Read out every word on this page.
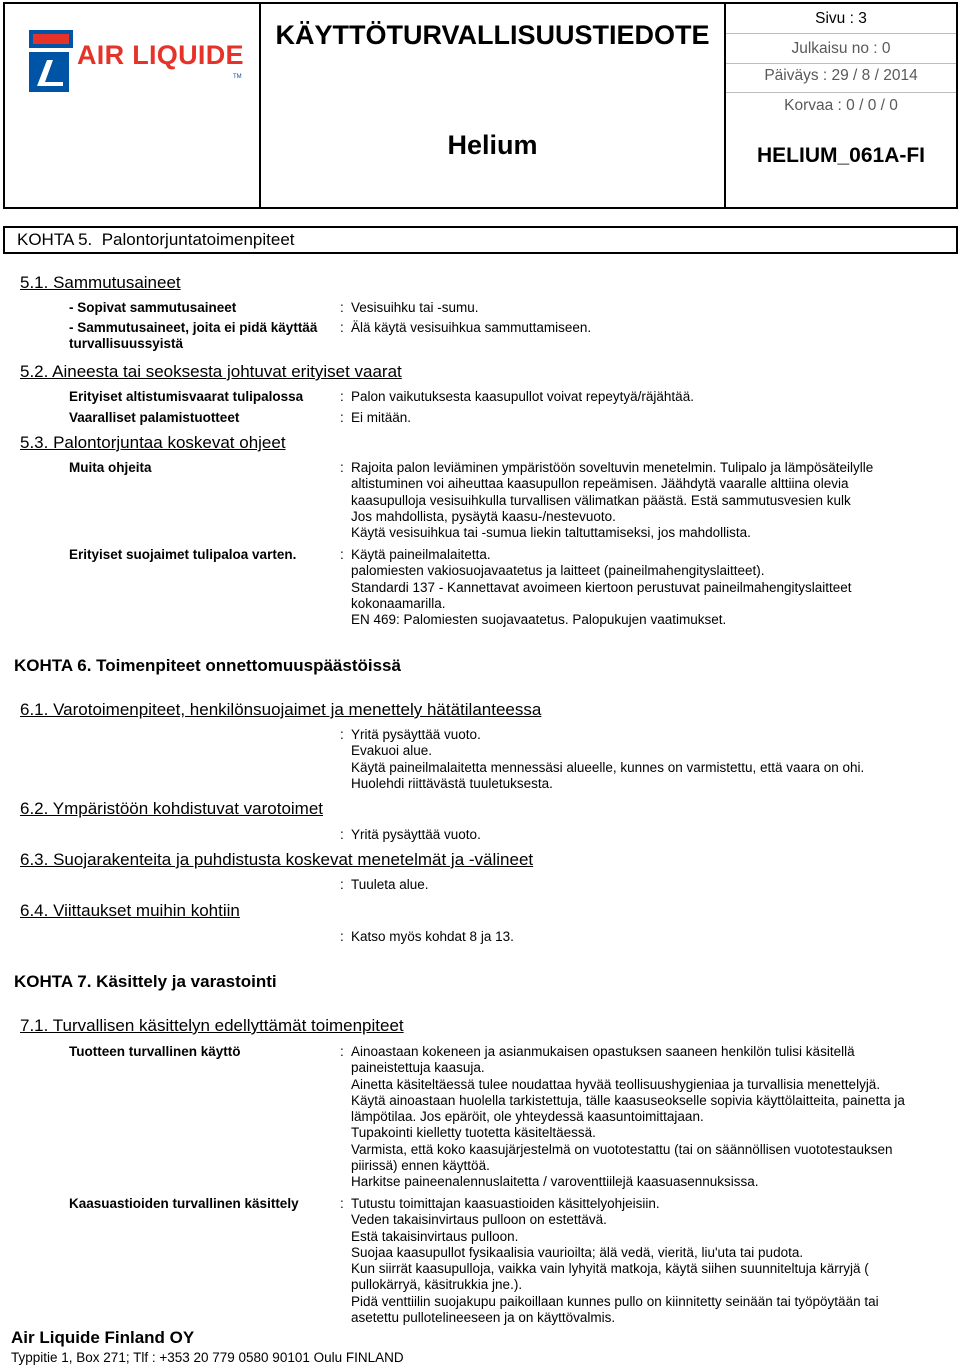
AIR LIQUIDE
TM
KÄYTTÖTURVALLISUUSTIEDOTE
Helium
Sivu : 3
Julkaisu no : 0
Päiväys : 29 / 8 / 2014
Korvaa : 0 / 0 / 0
HELIUM_061A-FI
KOHTA 5. Palontorjuntatoimenpiteet
5.1. Sammutusaineet
- Sopivat sammutusaineet	: Vesisuihku tai -sumu.
- Sammutusaineet, joita ei pidä käyttää
turvallisuussyistä
: Älä käytä vesisuihkua sammuttamiseen.
5.2. Aineesta tai seoksesta johtuvat erityiset vaarat
Erityiset altistumisvaarat tulipalossa	: Palon vaikutuksesta kaasupullot voivat repeytyä/räjähtää.
Vaaralliset palamistuotteet	: Ei mitään.
5.3. Palontorjuntaa koskevat ohjeet
Muita ohjeita	: Rajoita palon leviäminen ympäristöön soveltuvin menetelmin. Tulipalo ja lämpösäteilylle
altistuminen voi aiheuttaa kaasupullon repeämisen. Jäähdytä vaaralle alttiina olevia
kaasupulloja vesisuihkulla turvallisen välimatkan päästä. Estä sammutusvesien kulk
Jos mahdollista, pysäytä kaasu-/nestevuoto.
Käytä vesisuihkua tai -sumua liekin taltuttamiseksi, jos mahdollista.
Erityiset suojaimet tulipaloa varten.	: Käytä paineilmalaitetta.
palomiesten vakiosuojavaatetus ja laitteet (paineilmahengityslaitteet).
Standardi 137 - Kannettavat avoimeen kiertoon perustuvat paineilmahengityslaitteet
kokonaamarilla.
EN 469: Palomiesten suojavaatetus. Palopukujen vaatimukset.
KOHTA 6. Toimenpiteet onnettomuuspäästöissä
6.1. Varotoimenpiteet, henkilönsuojaimet ja menettely hätätilanteessa
: Yritä pysäyttää vuoto.
Evakuoi alue.
Käytä paineilmalaitetta mennessäsi alueelle, kunnes on varmistettu, että vaara on ohi.
Huolehdi riittävästä tuuletuksesta.
6.2. Ympäristöön kohdistuvat varotoimet
: Yritä pysäyttää vuoto.
6.3. Suojarakenteita ja puhdistusta koskevat menetelmät ja -välineet
: Tuuleta alue.
6.4. Viittaukset muihin kohtiin
: Katso myös kohdat 8 ja 13.
KOHTA 7. Käsittely ja varastointi
7.1. Turvallisen käsittelyn edellyttämät toimenpiteet
Tuotteen turvallinen käyttö	: Ainoastaan kokeneen ja asianmukaisen opastuksen saaneen henkilön tulisi käsitellä
paineistettuja kaasuja.
Ainetta käsiteltäessä tulee noudattaa hyvää teollisuushygieniaa ja turvallisia menettelyjä.
Käytä ainoastaan huolella tarkistettuja, tälle kaasuseokselle sopivia käyttölaitteita, painetta ja
lämpötilaa. Jos epäröit, ole yhteydessä kaasuntoimittajaan.
Tupakointi kielletty tuotetta käsiteltäessä.
Varmista, että koko kaasujärjestelmä on vuototestattu (tai on säännöllisen vuototestauksen
piirissä) ennen käyttöä.
Harkitse paineenalennuslaitetta / varoventtiilejä kaasuasennuksissa.
Kaasuastioiden turvallinen käsittely	: Tutustu toimittajan kaasuastioiden käsittelyohjeisiin.
Veden takaisinvirtaus pulloon on estettävä.
Estä takaisinvirtaus pulloon.
Suojaa kaasupullot fysikaalisia vaurioilta; älä vedä, vieritä, liu'uta tai pudota.
Kun siirrät kaasupulloja, vaikka vain lyhyitä matkoja, käytä siihen suunniteltuja kärryjä (
pullokärryä, käsitrukkia jne.).
Pidä venttiilin suojakupu paikoillaan kunnes pullo on kiinnitetty seinään tai työpöytään tai
asetettu pullotelineeseen ja on käyttövalmis.
Air Liquide Finland OY
Typpitie 1, Box 271; Tlf : +353 20 779 0580 90101 Oulu FINLAND
